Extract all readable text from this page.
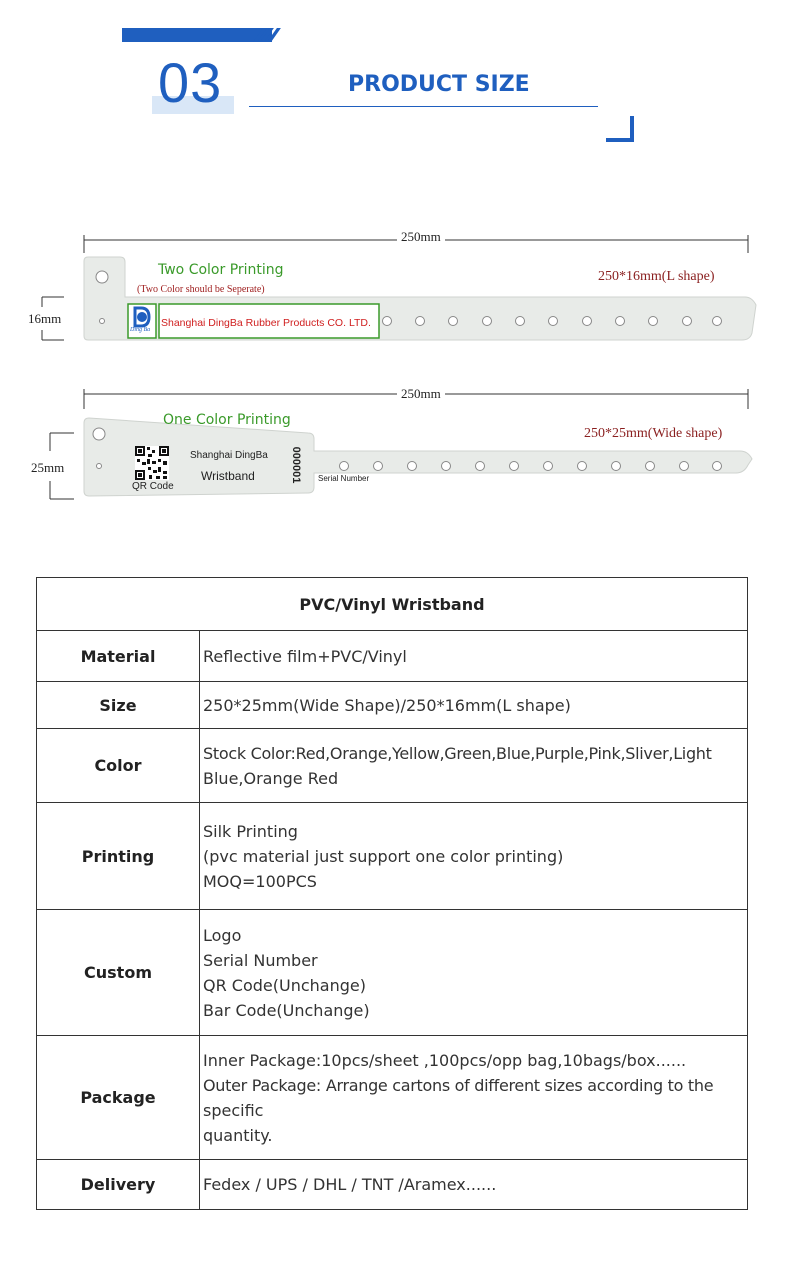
03	PRODUCT SIZE
250mm
16mm
Two Color Printing
(Two Color should be Seperate)
250*16mm(L shape)
Ding Ba
Shanghai DingBa Rubber Products CO. LTD.
250mm
25mm
One Color Printing
250*25mm(Wide shape)
QR Code
Shanghai DingBa
Wristband	000001 Serial Number
PVC/Vinyl Wristband	
Material	Reflective film+PVC/Vinyl

Size	250*25mm(Wide Shape)/250*16mm(L shape)

Color	Stock Color:Red,Orange,Yellow,Green,Blue,Purple,Pink,Sliver,Light
Blue,Orange Red

Printing	Silk Printing
(pvc material just support one color printing)
MOQ=100PCS

Custom	Logo
Serial Number
QR Code(Unchange)
Bar Code(Unchange)

Package	Inner Package:10pcs/sheet ,100pcs/opp bag,10bags/box......
Outer Package: Arrange cartons of different sizes according to the
specific
quantity.

Delivery	Fedex / UPS / DHL / TNT /Aramex......
